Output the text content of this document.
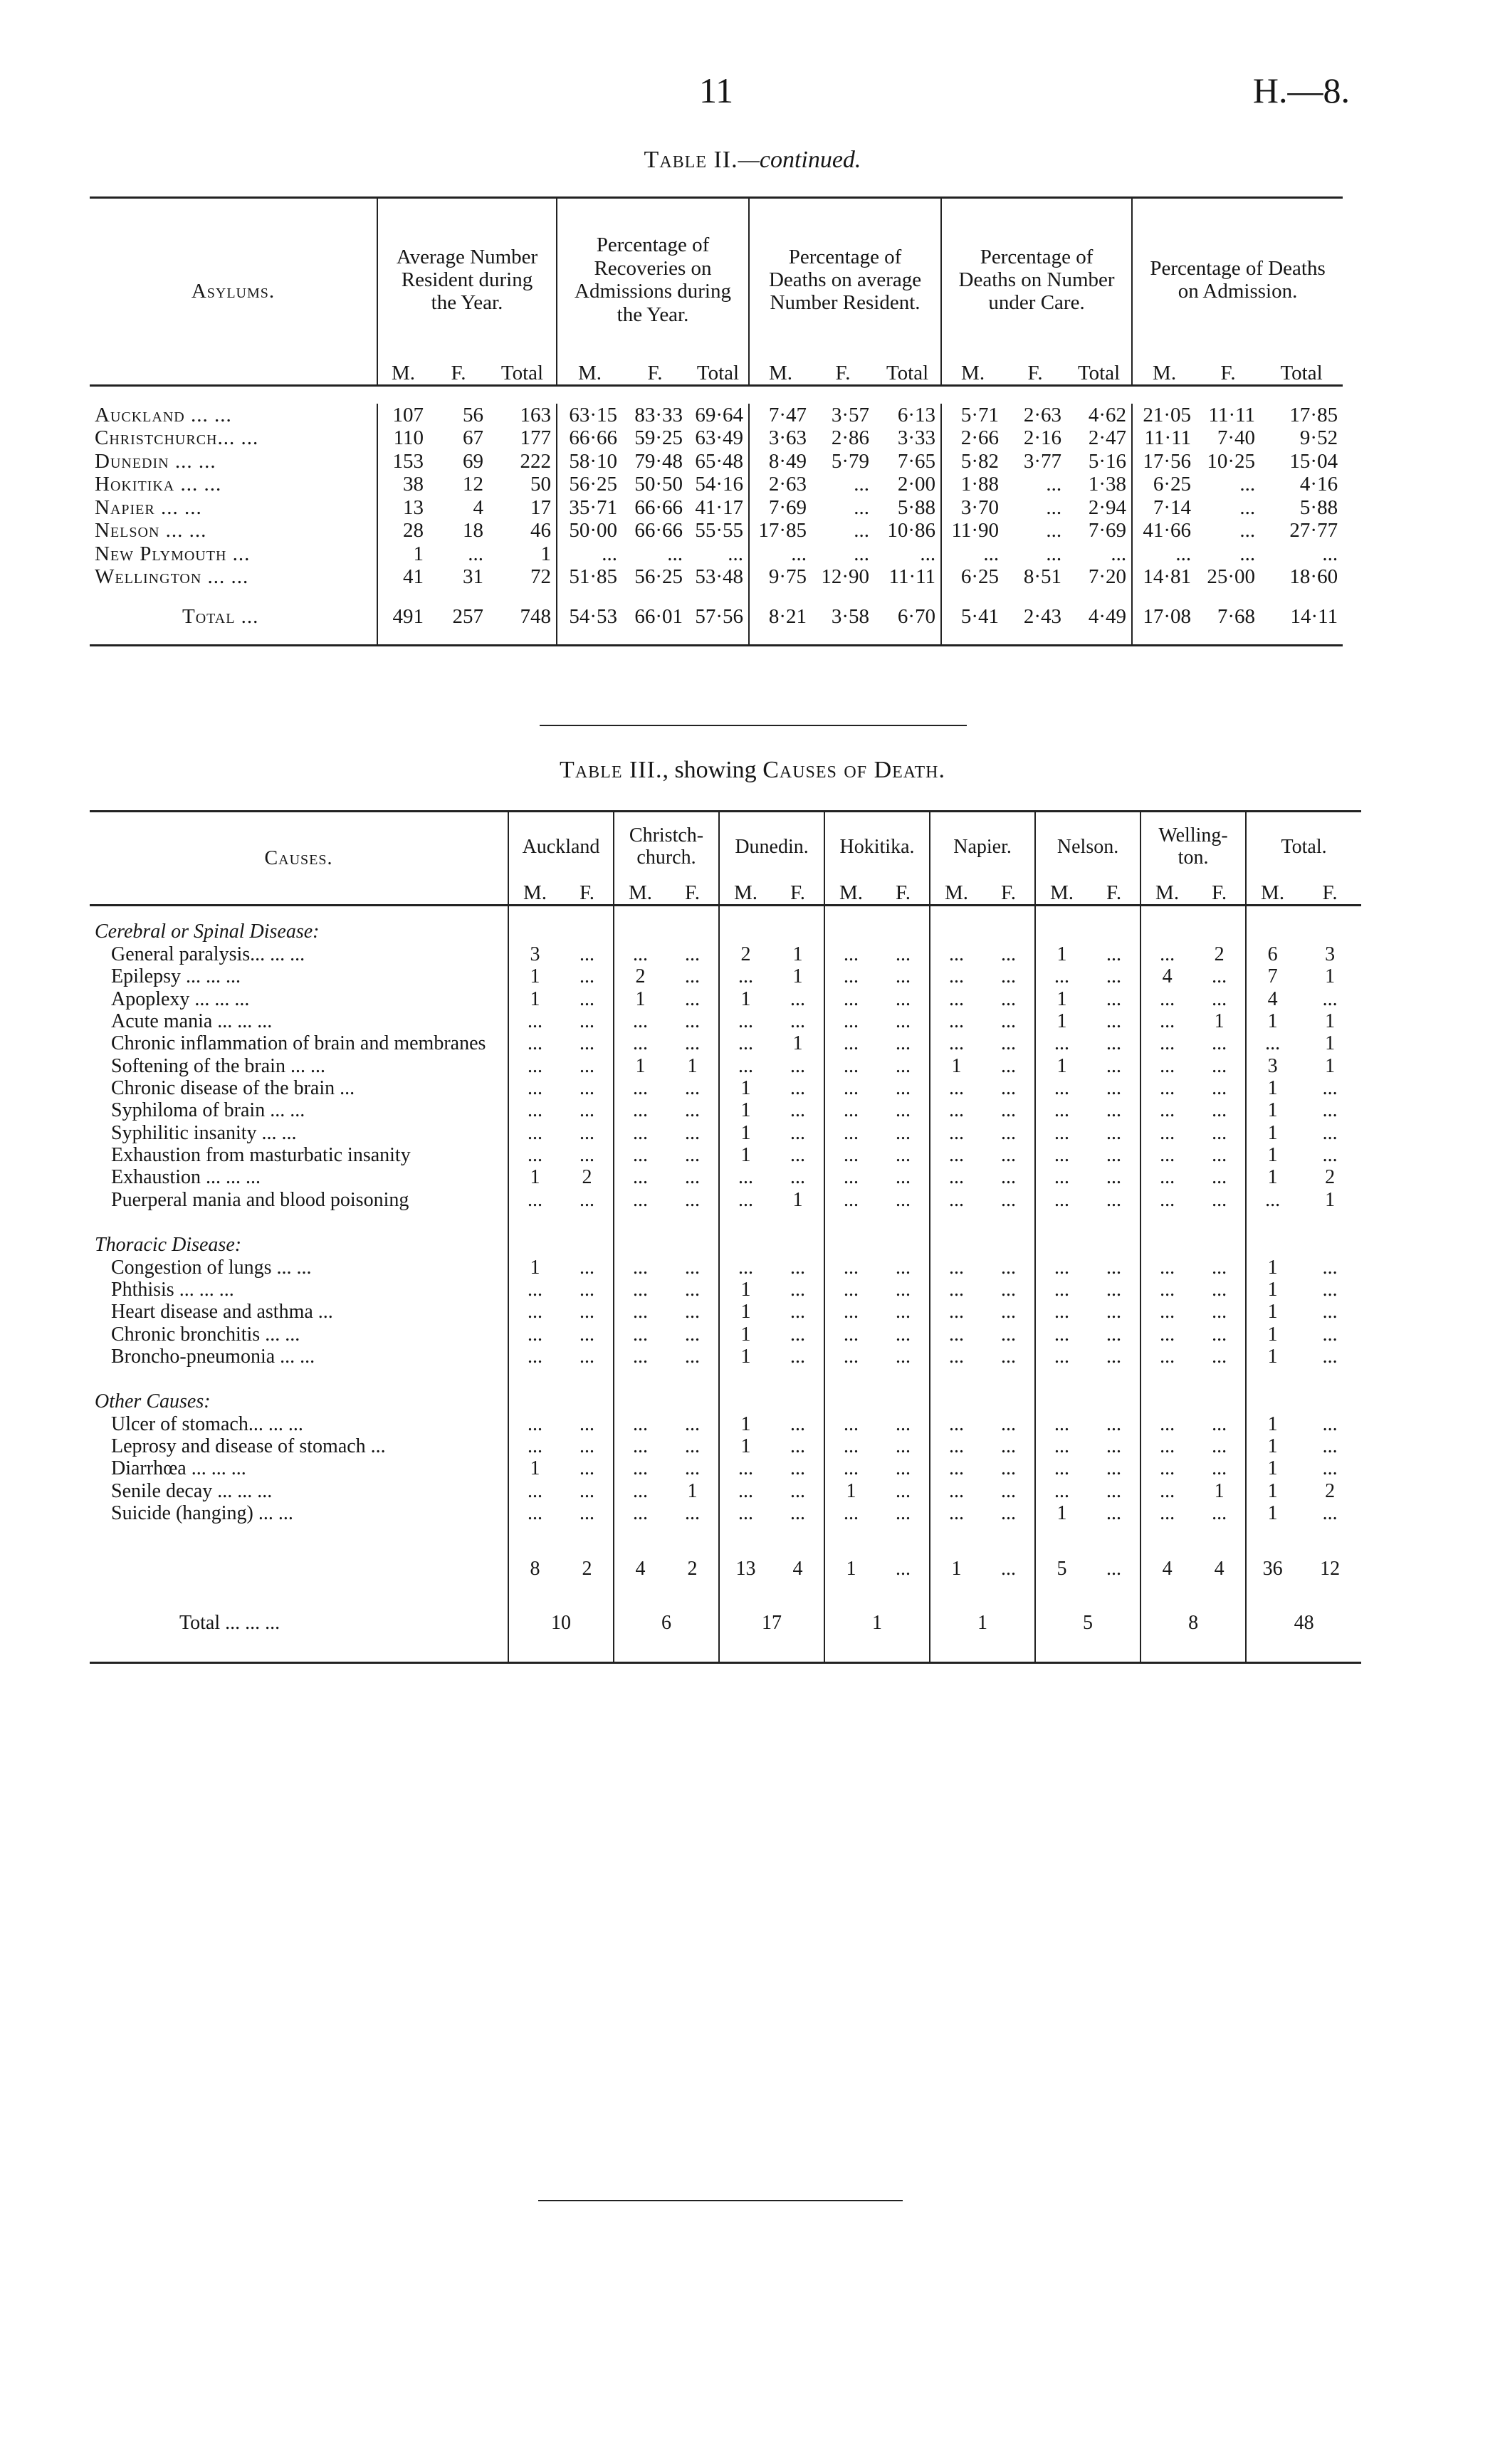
11	H.—8.
Table II.—continued.
Asylums.	Average Number Resident during the Year.			Percentage of Recoveries on Admissions during the Year.			Percentage of Deaths on average Number Resident.			Percentage of Deaths on Number under Care.			Percentage of Deaths on Admission.		
	M.	F.	Total	M.	F.	Total	M.	F.	Total	M.	F.	Total	M.	F.	Total

Auckland ... ...	107	56	163	63·15	83·33	69·64	7·47	3·57	6·13	5·71	2·63	4·62	21·05	11·11	17·85
Christchurch... ...	110	67	177	66·66	59·25	63·49	3·63	2·86	3·33	2·66	2·16	2·47	11·11	7·40	9·52
Dunedin ... ...	153	69	222	58·10	79·48	65·48	8·49	5·79	7·65	5·82	3·77	5·16	17·56	10·25	15·04
Hokitika ... ...	38	12	50	56·25	50·50	54·16	2·63	...	2·00	1·88	...	1·38	6·25	...	4·16
Napier ... ...	13	4	17	35·71	66·66	41·17	7·69	...	5·88	3·70	...	2·94	7·14	...	5·88
Nelson ... ...	28	18	46	50·00	66·66	55·55	17·85	...	10·86	11·90	...	7·69	41·66	...	27·77
New Plymouth ...	1	...	1	...	...	...	...	...	...	...	...	...	...	...	...
Wellington ... ...	41	31	72	51·85	56·25	53·48	9·75	12·90	11·11	6·25	8·51	7·20	14·81	25·00	18·60
Total ...	491	257	748	54·53	66·01	57·56	8·21	3·58	6·70	5·41	2·43	4·49	17·08	7·68	14·11
Table III., showing Causes of Death.
Causes.	Auckland		Christch-church.		Dunedin.		Hokitika.		Napier.		Nelson.		Welling-ton.		Total.	
	M.	F.	M.	F.	M.	F.	M.	F.	M.	F.	M.	F.	M.	F.	M.	F.

Cerebral or Spinal Disease:																
General paralysis... ... ...	3	...	...	...	2	1	...	...	...	...	1	...	...	2	6	3
Epilepsy ... ... ...	1	...	2	...	...	1	...	...	...	...	...	...	4	...	7	1
Apoplexy ... ... ...	1	...	1	...	1	...	...	...	...	...	1	...	...	...	4	...
Acute mania ... ... ...	...	...	...	...	...	...	...	...	...	...	1	...	...	1	1	1
Chronic inflammation of brain and membranes	...	...	...	...	...	1	...	...	...	...	...	...	...	...	...	1
Softening of the brain ... ...	...	...	1	1	...	...	...	...	1	...	1	...	...	...	3	1
Chronic disease of the brain ...	...	...	...	...	1	...	...	...	...	...	...	...	...	...	1	...
Syphiloma of brain ... ...	...	...	...	...	1	...	...	...	...	...	...	...	...	...	1	...
Syphilitic insanity ... ...	...	...	...	...	1	...	...	...	...	...	...	...	...	...	1	...
Exhaustion from masturbatic insanity	...	...	...	...	1	...	...	...	...	...	...	...	...	...	1	...
Exhaustion ... ... ...	1	2	...	...	...	...	...	...	...	...	...	...	...	...	1	2
Puerperal mania and blood poisoning	...	...	...	...	...	1	...	...	...	...	...	...	...	...	...	1

Thoracic Disease:																
Congestion of lungs ... ...	1	...	...	...	...	...	...	...	...	...	...	...	...	...	1	...
Phthisis ... ... ...	...	...	...	...	1	...	...	...	...	...	...	...	...	...	1	...
Heart disease and asthma ...	...	...	...	...	1	...	...	...	...	...	...	...	...	...	1	...
Chronic bronchitis ... ...	...	...	...	...	1	...	...	...	...	...	...	...	...	...	1	...
Broncho-pneumonia ... ...	...	...	...	...	1	...	...	...	...	...	...	...	...	...	1	...

Other Causes:																
Ulcer of stomach... ... ...	...	...	...	...	1	...	...	...	...	...	...	...	...	...	1	...
Leprosy and disease of stomach ...	...	...	...	...	1	...	...	...	...	...	...	...	...	...	1	...
Diarrhœa ... ... ...	1	...	...	...	...	...	...	...	...	...	...	...	...	...	1	...
Senile decay ... ... ...	...	...	...	1	...	...	1	...	...	...	...	...	...	1	1	2
Suicide (hanging) ... ...	...	...	...	...	...	...	...	...	...	...	1	...	...	...	1	...

	8	2	4	2	13	4	1	...	1	...	5	...	4	4	36	12
Total ... ... ...	10		6		17		1		1		5		8		48	
